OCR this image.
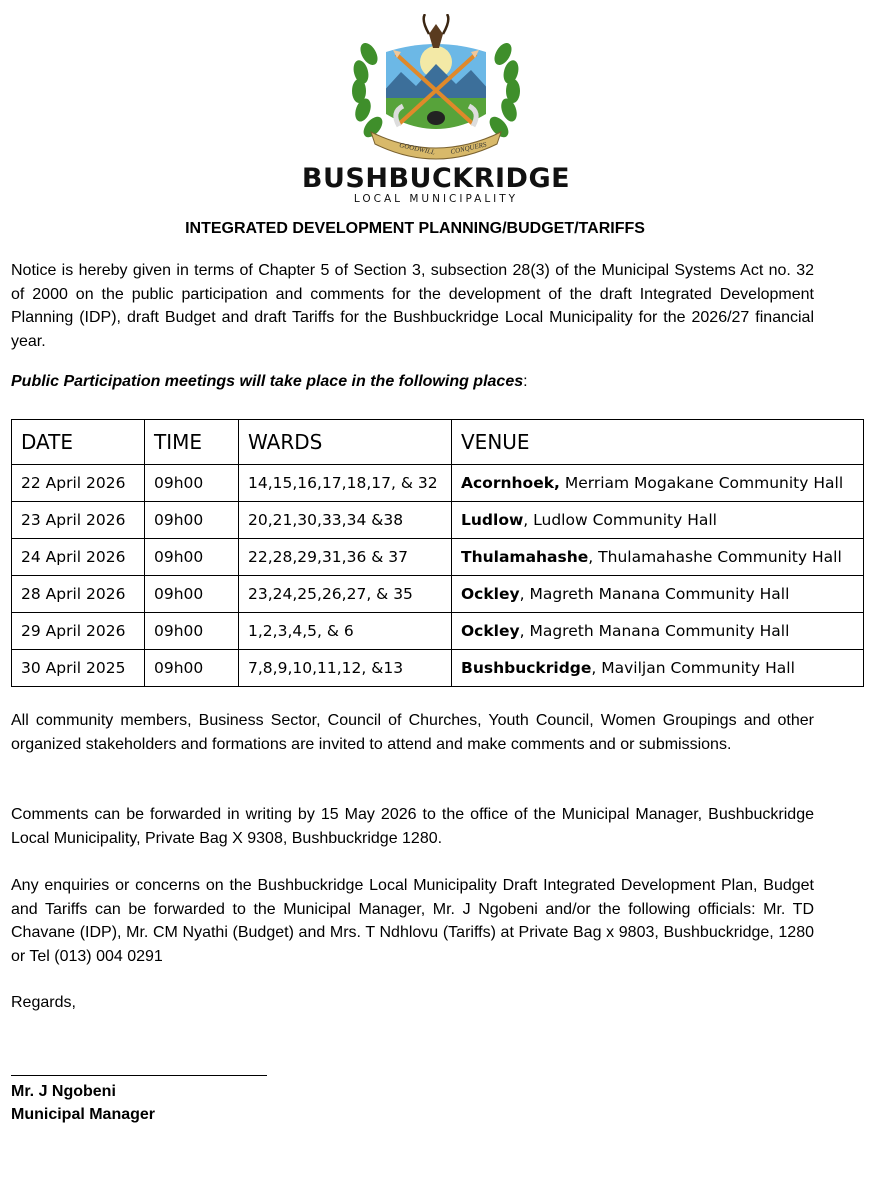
GOODWILL CONQUERS
BUSHBUCKRIDGE
LOCAL MUNICIPALITY
INTEGRATED DEVELOPMENT PLANNING/BUDGET/TARIFFS

Notice is hereby given in terms of Chapter 5 of Section 3, subsection 28(3) of the Municipal Systems Act no. 32 of 2000 on the public participation and comments for the development of the draft Integrated Development Planning (IDP), draft Budget and draft Tariffs for the Bushbuckridge Local Municipality for the 2026/27 financial year.

Public Participation meetings will take place in the following places:

DATE	TIME	WARDS	VENUE
22 April 2026	09h00	14,15,16,17,18,17, & 32	Acornhoek, Merriam Mogakane Community Hall
23 April 2026	09h00	20,21,30,33,34 &38	Ludlow, Ludlow Community Hall
24 April 2026	09h00	22,28,29,31,36 & 37	Thulamahashe, Thulamahashe Community Hall
28 April 2026	09h00	23,24,25,26,27, & 35	Ockley, Magreth Manana Community Hall
29 April 2026	09h00	1,2,3,4,5, & 6	Ockley, Magreth Manana Community Hall
30 April 2025	09h00	7,8,9,10,11,12, &13	Bushbuckridge, Maviljan Community Hall

All community members, Business Sector, Council of Churches, Youth Council, Women Groupings and other organized stakeholders and formations are invited to attend and make comments and or submissions.

Comments can be forwarded in writing by 15 May 2026 to the office of the Municipal Manager, Bushbuckridge Local Municipality, Private Bag X 9308, Bushbuckridge 1280.

Any enquiries or concerns on the Bushbuckridge Local Municipality Draft Integrated Development Plan, Budget and Tariffs can be forwarded to the Municipal Manager, Mr. J Ngobeni and/or the following officials: Mr. TD Chavane (IDP), Mr. CM Nyathi (Budget) and Mrs. T Ndhlovu (Tariffs) at Private Bag x 9803, Bushbuckridge, 1280 or Tel (013) 004 0291

Regards,

Mr. J Ngobeni
Municipal Manager
